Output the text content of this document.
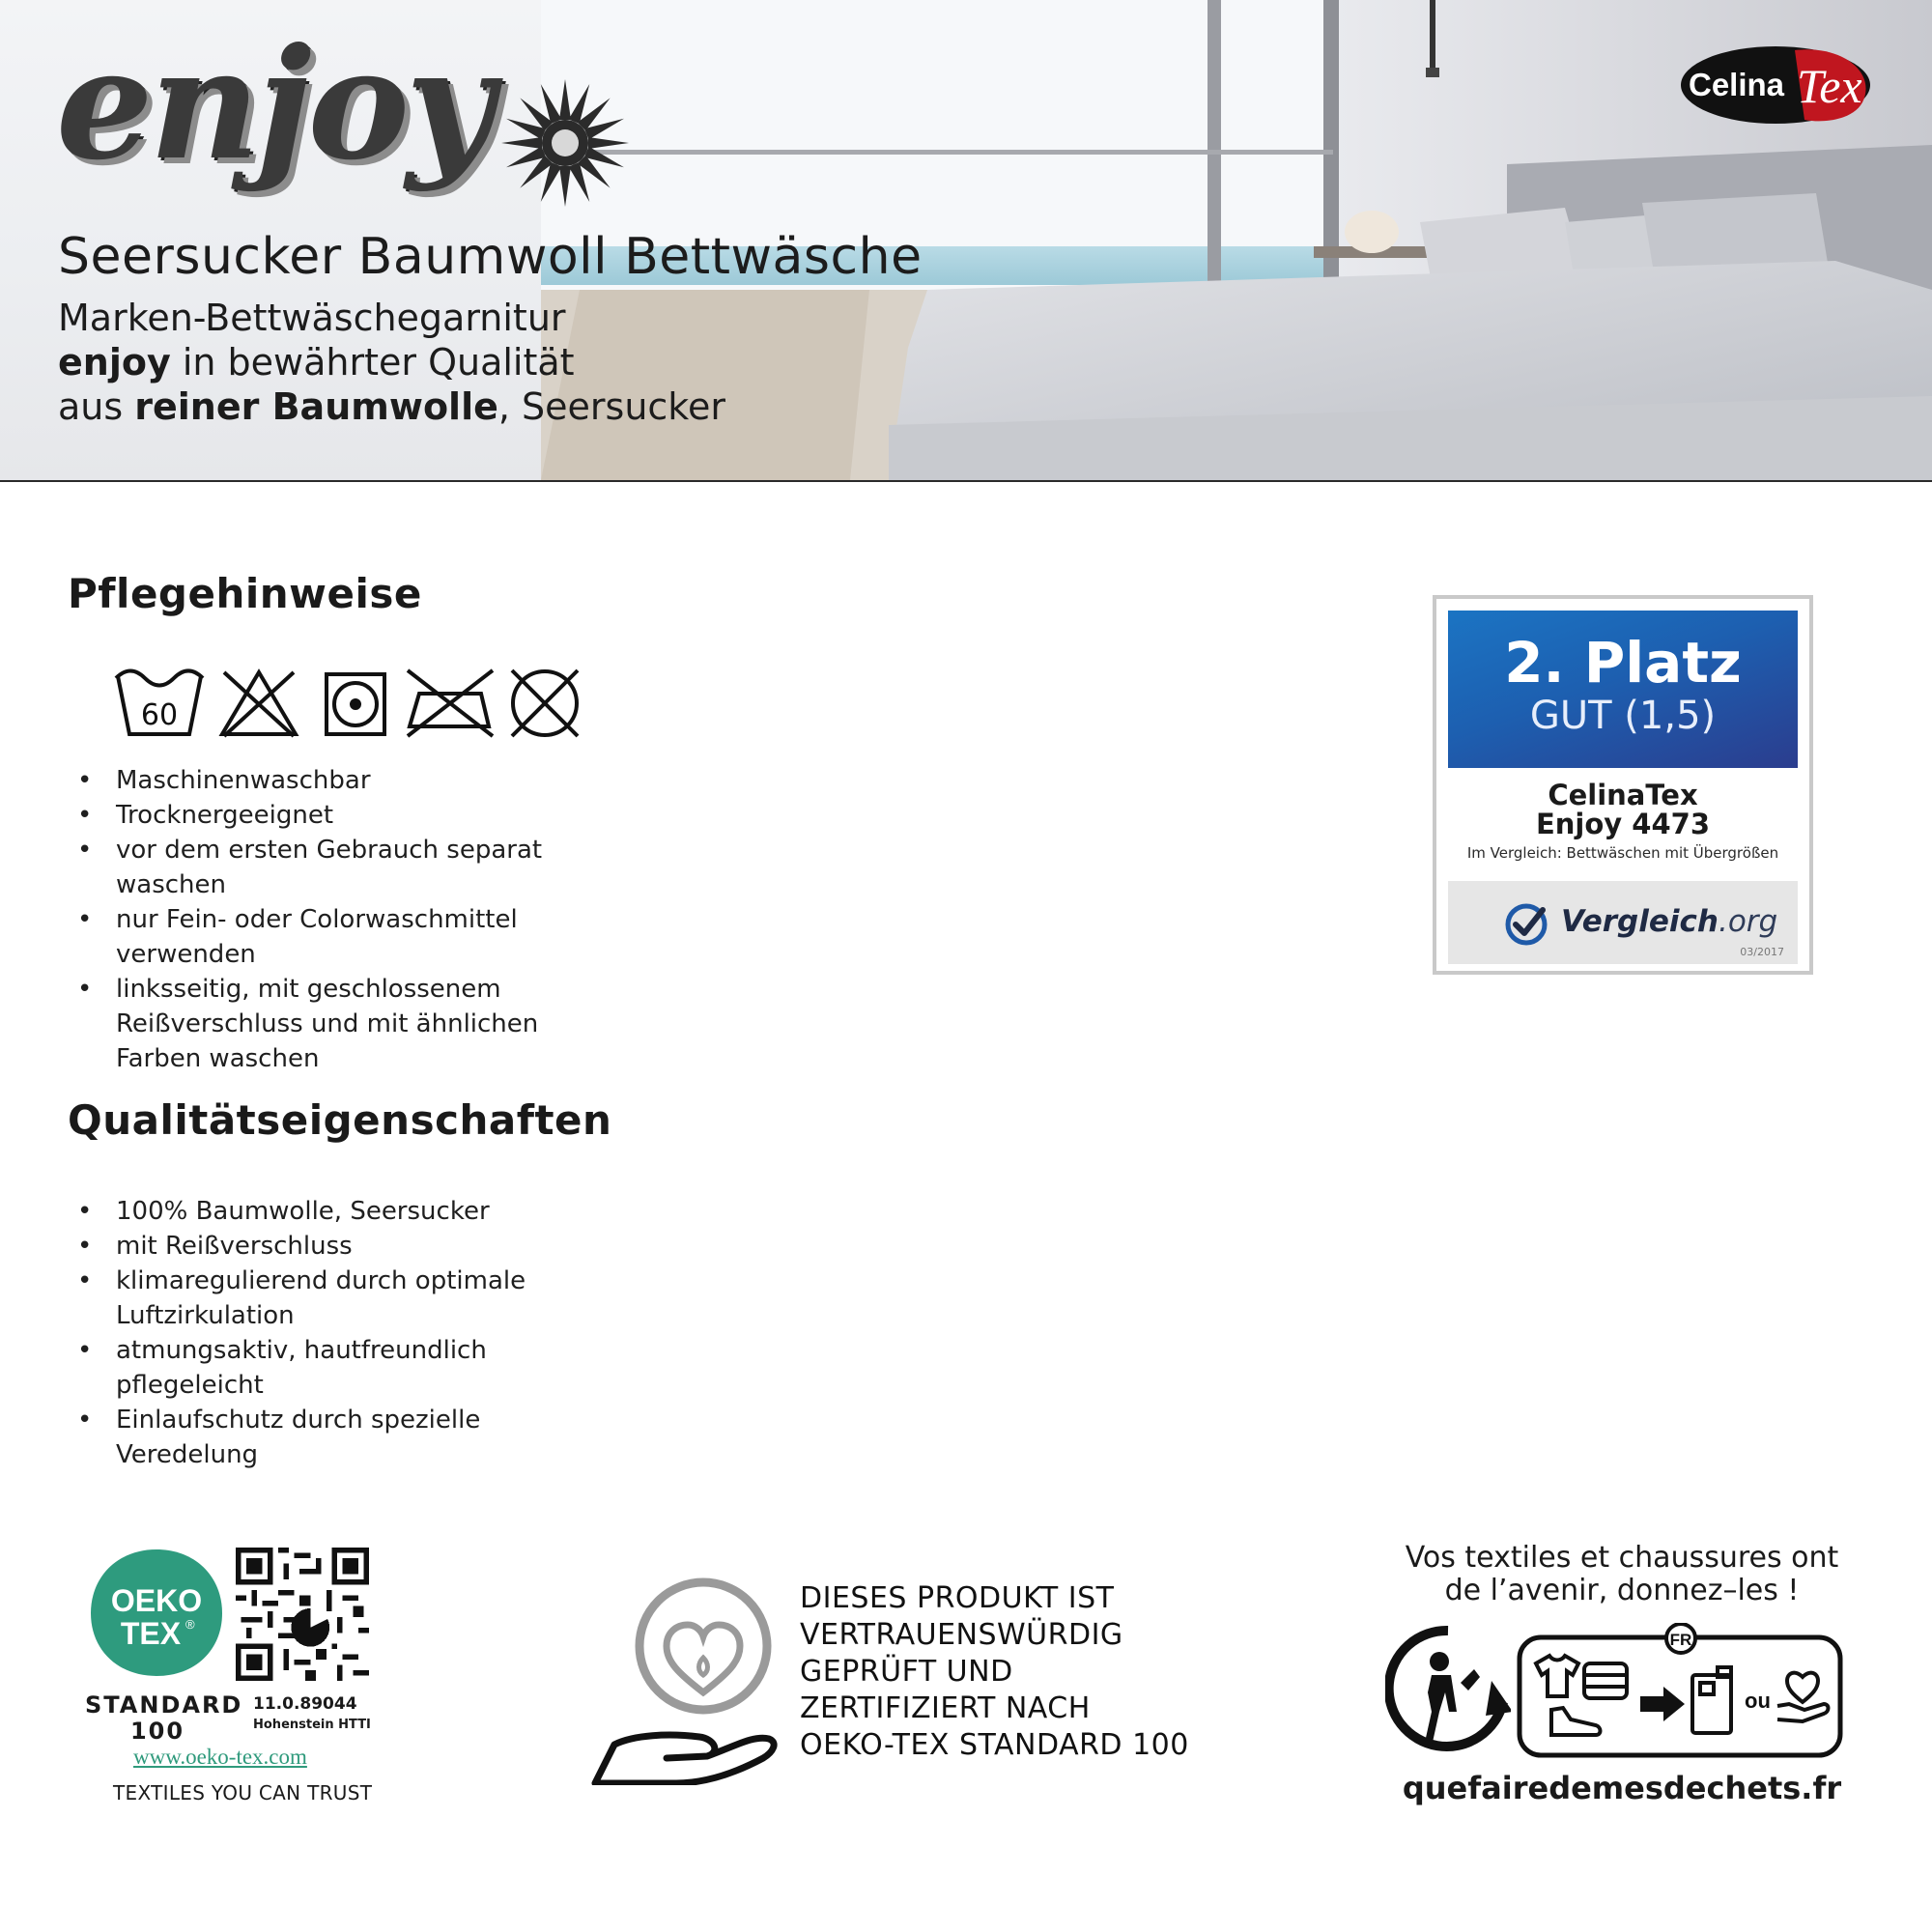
enjoy
Seersucker Baumwoll Bettwäsche
Marken-Bettwäschegarnitur
enjoy in bewährter Qualität
aus reiner Baumwolle, Seersucker
Celina Tex
Pflegehinweise
60
• Maschinenwaschbar
• Trocknergeeignet
• vor dem ersten Gebrauch separat waschen
• nur Fein- oder Colorwaschmittel verwenden
• linksseitig, mit geschlossenem Reißverschluss und mit ähnlichen Farben waschen
Qualitätseigenschaften
• 100% Baumwolle, Seersucker
• mit Reißverschluss
• klimaregulierend durch optimale Luftzirkulation
• atmungsaktiv, hautfreundlich pflegeleicht
• Einlaufschutz durch spezielle Veredelung
2. Platz
GUT (1,5)
CelinaTex
Enjoy 4473
Im Vergleich: Bettwäschen mit Übergrößen
Vergleich.org
03/2017
OEKO
TEX ®
STANDARD
100
11.0.89044
Hohenstein HTTI
www.oeko-tex.com
TEXTILES YOU CAN TRUST
DIESES PRODUKT IST
VERTRAUENSWÜRDIG
GEPRÜFT UND
ZERTIFIZIERT NACH
OEKO-TEX STANDARD 100
Vos textiles et chaussures ont
de l’avenir, donnez–les !
FR
ou
quefairedemesdechets.fr
